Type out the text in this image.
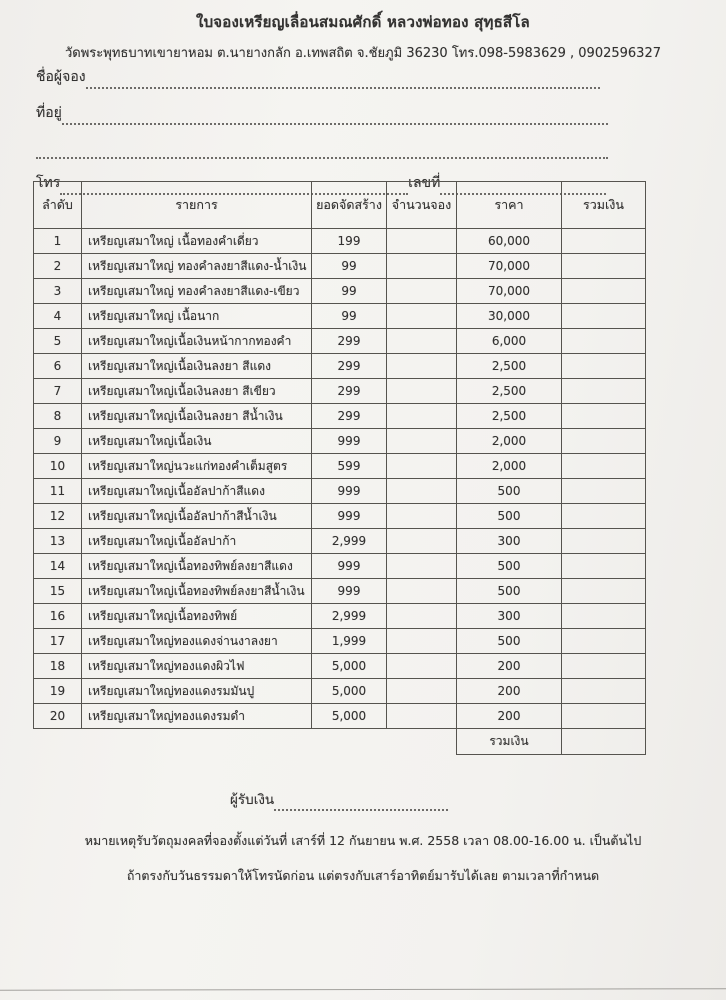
ใบจองเหรียญเลื่อนสมณศักดิ์ หลวงพ่อทอง สุทฺธสีโล
วัดพระพุทธบาทเขายาหอม ต.นายางกลัก อ.เทพสถิต จ.ชัยภูมิ 36230 โทร.098-5983629 , 0902596327
ชื่อผู้จอง
ที่อยู่
โทร	เลขที่
ลำดับ	รายการ	ยอดจัดสร้าง	จำนวนจอง	ราคา	รวมเงิน
1	เหรียญเสมาใหญ่ เนื้อทองคำเดี่ยว	199		60,000	
2	เหรียญเสมาใหญ่ ทองคำลงยาสีแดง-น้ำเงิน	99		70,000	
3	เหรียญเสมาใหญ่ ทองคำลงยาสีแดง-เขียว	99		70,000	
4	เหรียญเสมาใหญ่ เนื้อนาก	99		30,000	
5	เหรียญเสมาใหญ่เนื้อเงินหน้ากากทองคำ	299		6,000	
6	เหรียญเสมาใหญ่เนื้อเงินลงยา สีแดง	299		2,500	
7	เหรียญเสมาใหญ่เนื้อเงินลงยา สีเขียว	299		2,500	
8	เหรียญเสมาใหญ่เนื้อเงินลงยา สีน้ำเงิน	299		2,500	
9	เหรียญเสมาใหญ่เนื้อเงิน	999		2,000	
10	เหรียญเสมาใหญ่นวะแก่ทองคำเต็มสูตร	599		2,000	
11	เหรียญเสมาใหญ่เนื้ออัลปาก้าสีแดง	999		500	
12	เหรียญเสมาใหญ่เนื้ออัลปาก้าสีน้ำเงิน	999		500	
13	เหรียญเสมาใหญ่เนื้ออัลปาก้า	2,999		300	
14	เหรียญเสมาใหญ่เนื้อทองทิพย์ลงยาสีแดง	999		500	
15	เหรียญเสมาใหญ่เนื้อทองทิพย์ลงยาสีน้ำเงิน	999		500	
16	เหรียญเสมาใหญ่เนื้อทองทิพย์	2,999		300	
17	เหรียญเสมาใหญ่ทองแดงจ่านงาลงยา	1,999		500	
18	เหรียญเสมาใหญ่ทองแดงผิวไฟ	5,000		200	
19	เหรียญเสมาใหญ่ทองแดงรมมันปู	5,000		200	
20	เหรียญเสมาใหญ่ทองแดงรมดำ	5,000		200	
				รวมเงิน	
ผู้รับเงิน
หมายเหตุรับวัตถุมงคลที่จองตั้งแต่วันที่ เสาร์ที่ 12 กันยายน พ.ศ. 2558 เวลา 08.00-16.00 น. เป็นต้นไป
ถ้าตรงกับวันธรรมดาให้โทรนัดก่อน แต่ตรงกับเสาร์อาทิตย์มารับได้เลย ตามเวลาที่กำหนด
